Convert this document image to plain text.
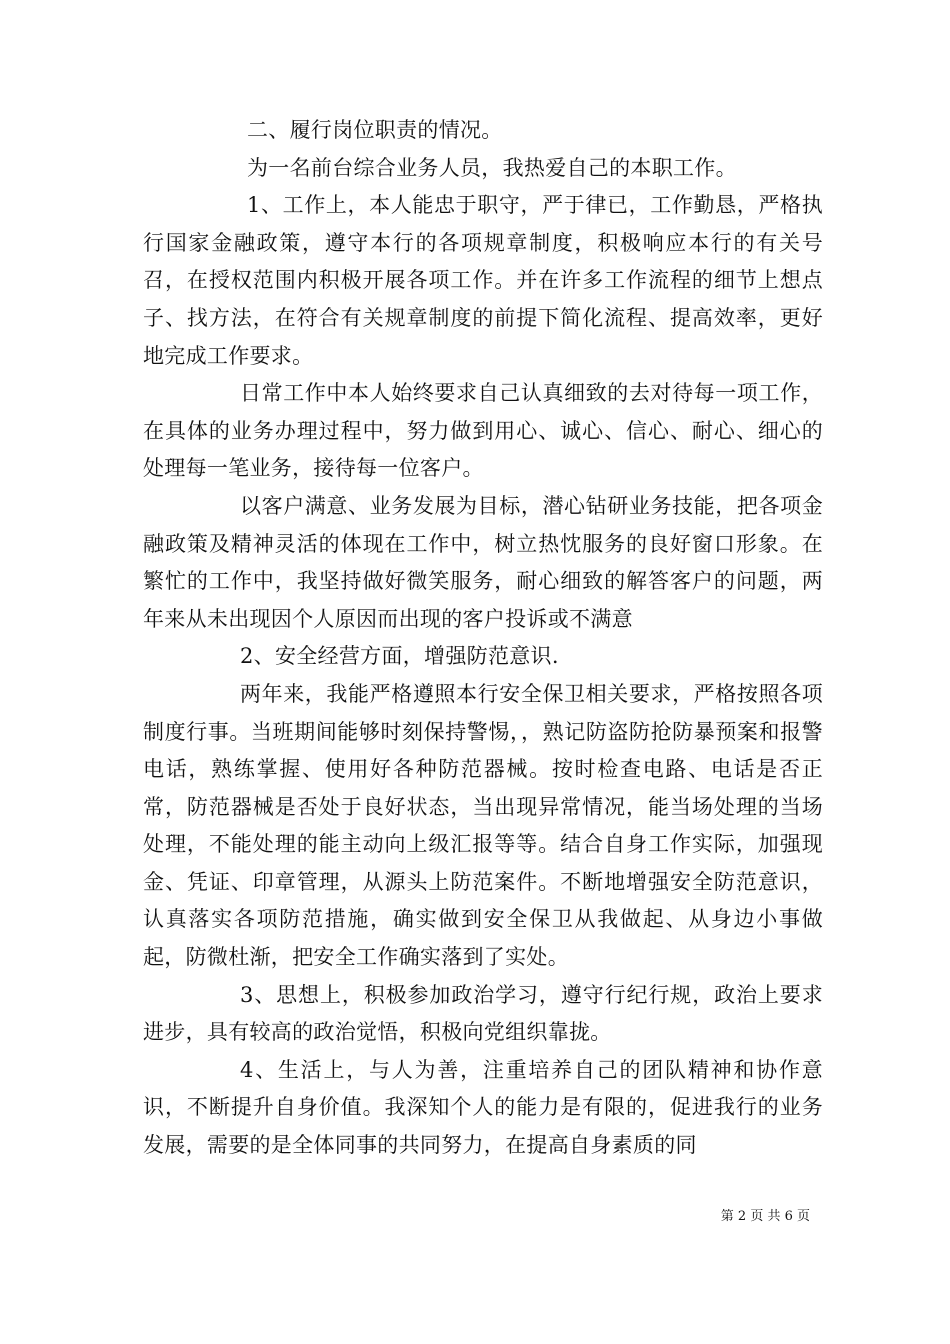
二、履行岗位职责的情况。

为一名前台综合业务人员，我热爱自己的本职工作。

1、工作上，本人能忠于职守，严于律已，工作勤恳，严格执行国家金融政策，遵守本行的各项规章制度，积极响应本行的有关号召，在授权范围内积极开展各项工作。并在许多工作流程的细节上想点子、找方法，在符合有关规章制度的前提下简化流程、提高效率，更好地完成工作要求。

日常工作中本人始终要求自己认真细致的去对待每一项工作，在具体的业务办理过程中，努力做到用心、诚心、信心、耐心、细心的处理每一笔业务，接待每一位客户。

以客户满意、业务发展为目标，潜心钻研业务技能，把各项金融政策及精神灵活的体现在工作中，树立热忱服务的良好窗口形象。在繁忙的工作中，我坚持做好微笑服务，耐心细致的解答客户的问题，两年来从未出现因个人原因而出现的客户投诉或不满意

2、安全经营方面，增强防范意识.

两年来，我能严格遵照本行安全保卫相关要求，严格按照各项制度行事。当班期间能够时刻保持警惕，，熟记防盗防抢防暴预案和报警电话，熟练掌握、使用好各种防范器械。按时检查电路、电话是否正常，防范器械是否处于良好状态，当出现异常情况，能当场处理的当场处理，不能处理的能主动向上级汇报等等。结合自身工作实际，加强现金、凭证、印章管理，从源头上防范案件。不断地增强安全防范意识，认真落实各项防范措施，确实做到安全保卫从我做起、从身边小事做起，防微杜渐，把安全工作确实落到了实处。

3、思想上，积极参加政治学习，遵守行纪行规，政治上要求进步，具有较高的政治觉悟，积极向党组织靠拢。

4、生活上，与人为善，注重培养自己的团队精神和协作意识，不断提升自身价值。我深知个人的能力是有限的，促进我行的业务发展，需要的是全体同事的共同努力，在提高自身素质的同

第 2 页 共 6 页
